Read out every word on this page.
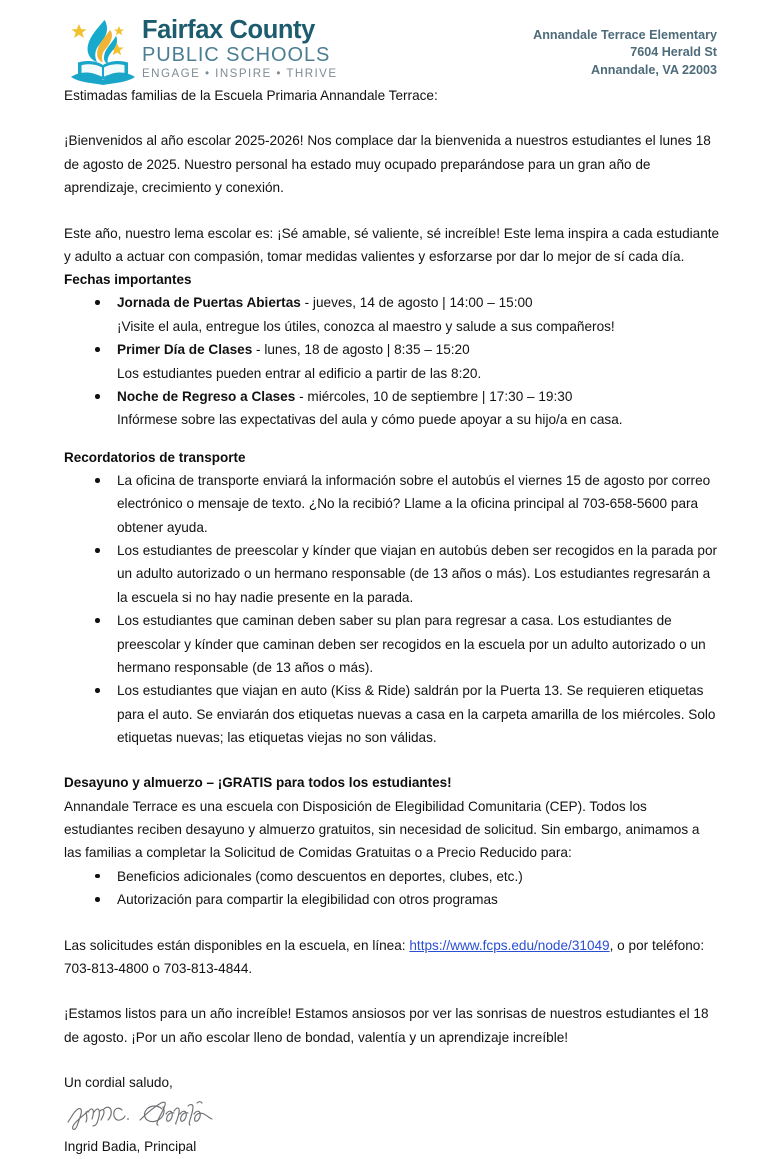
Fairfax County
PUBLIC SCHOOLS
ENGAGE • INSPIRE • THRIVE
Annandale Terrace Elementary
7604 Herald St
Annandale, VA 22003

Estimadas familias de la Escuela Primaria Annandale Terrace:

¡Bienvenidos al año escolar 2025-2026! Nos complace dar la bienvenida a nuestros estudiantes el lunes 18 de agosto de 2025. Nuestro personal ha estado muy ocupado preparándose para un gran año de aprendizaje, crecimiento y conexión.

Este año, nuestro lema escolar es: ¡Sé amable, sé valiente, sé increíble! Este lema inspira a cada estudiante y adulto a actuar con compasión, tomar medidas valientes y esforzarse por dar lo mejor de sí cada día.

Fechas importantes
Jornada de Puertas Abiertas - jueves, 14 de agosto | 14:00 – 15:00
¡Visite el aula, entregue los útiles, conozca al maestro y salude a sus compañeros!
Primer Día de Clases - lunes, 18 de agosto | 8:35 – 15:20
Los estudiantes pueden entrar al edificio a partir de las 8:20.
Noche de Regreso a Clases - miércoles, 10 de septiembre | 17:30 – 19:30
Infórmese sobre las expectativas del aula y cómo puede apoyar a su hijo/a en casa.
Recordatorios de transporte
La oficina de transporte enviará la información sobre el autobús el viernes 15 de agosto por correo electrónico o mensaje de texto. ¿No la recibió? Llame a la oficina principal al 703-658-5600 para obtener ayuda.
Los estudiantes de preescolar y kínder que viajan en autobús deben ser recogidos en la parada por un adulto autorizado o un hermano responsable (de 13 años o más). Los estudiantes regresarán a la escuela si no hay nadie presente en la parada.
Los estudiantes que caminan deben saber su plan para regresar a casa. Los estudiantes de preescolar y kínder que caminan deben ser recogidos en la escuela por un adulto autorizado o un hermano responsable (de 13 años o más).
Los estudiantes que viajan en auto (Kiss & Ride) saldrán por la Puerta 13. Se requieren etiquetas para el auto. Se enviarán dos etiquetas nuevas a casa en la carpeta amarilla de los miércoles. Solo etiquetas nuevas; las etiquetas viejas no son válidas.
Desayuno y almuerzo – ¡GRATIS para todos los estudiantes!

Annandale Terrace es una escuela con Disposición de Elegibilidad Comunitaria (CEP). Todos los estudiantes reciben desayuno y almuerzo gratuitos, sin necesidad de solicitud. Sin embargo, animamos a las familias a completar la Solicitud de Comidas Gratuitas o a Precio Reducido para:

Beneficios adicionales (como descuentos en deportes, clubes, etc.)
Autorización para compartir la elegibilidad con otros programas

Las solicitudes están disponibles en la escuela, en línea: https://www.fcps.edu/node/31049, o por teléfono: 703-813-4800 o 703-813-4844.

¡Estamos listos para un año increíble! Estamos ansiosos por ver las sonrisas de nuestros estudiantes el 18 de agosto. ¡Por un año escolar lleno de bondad, valentía y un aprendizaje increíble!

Un cordial saludo,

Ingrid Badia, Principal
